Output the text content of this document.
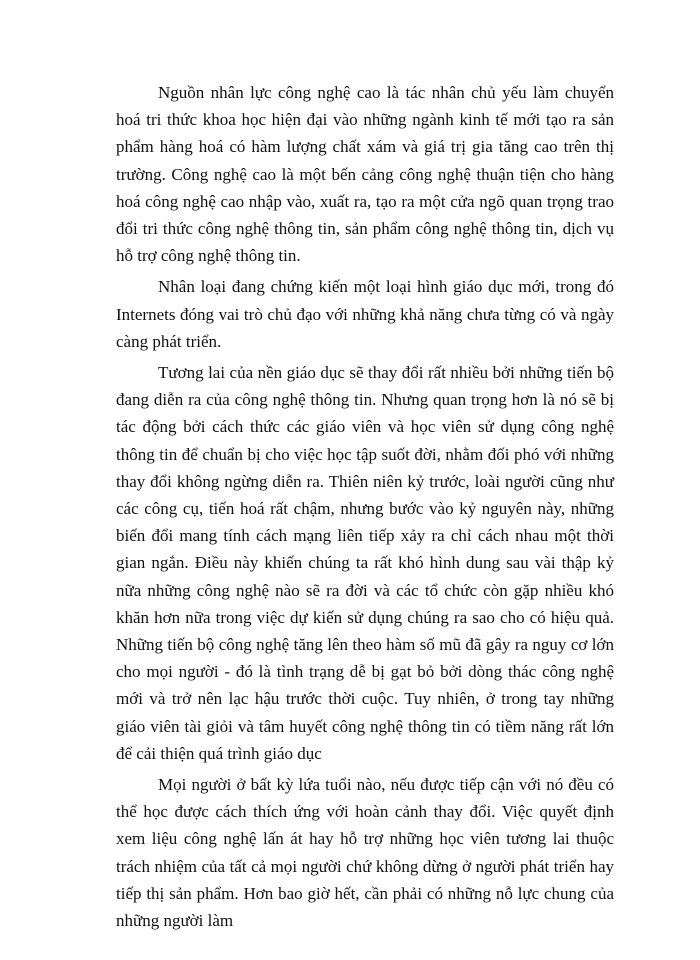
Nguồn nhân lực công nghệ cao là tác nhân chủ yếu làm chuyển hoá tri thức khoa học hiện đại vào những ngành kinh tế mới tạo ra sản phẩm hàng hoá có hàm lượng chất xám và giá trị gia tăng cao trên thị trường. Công nghệ cao là một bến cảng công nghệ thuận tiện cho hàng hoá công nghệ cao nhập vào, xuất ra, tạo ra một cửa ngõ quan trọng trao đổi tri thức công nghệ thông tin, sản phẩm công nghệ thông tin, dịch vụ hỗ trợ công nghệ thông tin.

Nhân loại đang chứng kiến một loại hình giáo dục mới, trong đó Internets đóng vai trò chủ đạo với những khả năng chưa từng có và ngày càng phát triển.

Tương lai của nền giáo dục sẽ thay đổi rất nhiều bởi những tiến bộ đang diễn ra của công nghệ thông tin. Nhưng quan trọng hơn là nó sẽ bị tác động bởi cách thức các giáo viên và học viên sử dụng công nghệ thông tin để chuẩn bị cho việc học tập suốt đời, nhằm đối phó với những thay đổi không ngừng diễn ra. Thiên niên kỷ trước, loài người cũng như các công cụ, tiến hoá rất chậm, nhưng bước vào kỷ nguyên này, những biến đổi mang tính cách mạng liên tiếp xảy ra chỉ cách nhau một thời gian ngắn. Điều này khiến chúng ta rất khó hình dung sau vài thập kỷ nữa những công nghệ nào sẽ ra đời và các tổ chức còn gặp nhiều khó khăn hơn nữa trong việc dự kiến sử dụng chúng ra sao cho có hiệu quả. Những tiến bộ công nghệ tăng lên theo hàm số mũ đã gây ra nguy cơ lớn cho mọi người - đó là tình trạng dễ bị gạt bỏ bởi dòng thác công nghệ mới và trở nên lạc hậu trước thời cuộc. Tuy nhiên, ở trong tay những giáo viên tài giỏi và tâm huyết công nghệ thông tin có tiềm năng rất lớn để cải thiện quá trình giáo dục

Mọi người ở bất kỳ lứa tuổi nào, nếu được tiếp cận với nó đều có thể học được cách thích ứng với hoàn cảnh thay đổi. Việc quyết định xem liệu công nghệ lấn át hay hỗ trợ những học viên tương lai thuộc trách nhiệm của tất cả mọi người chứ không dừng ở người phát triển hay tiếp thị sản phẩm. Hơn bao giờ hết, cần phải có những nỗ lực chung của những người làm
